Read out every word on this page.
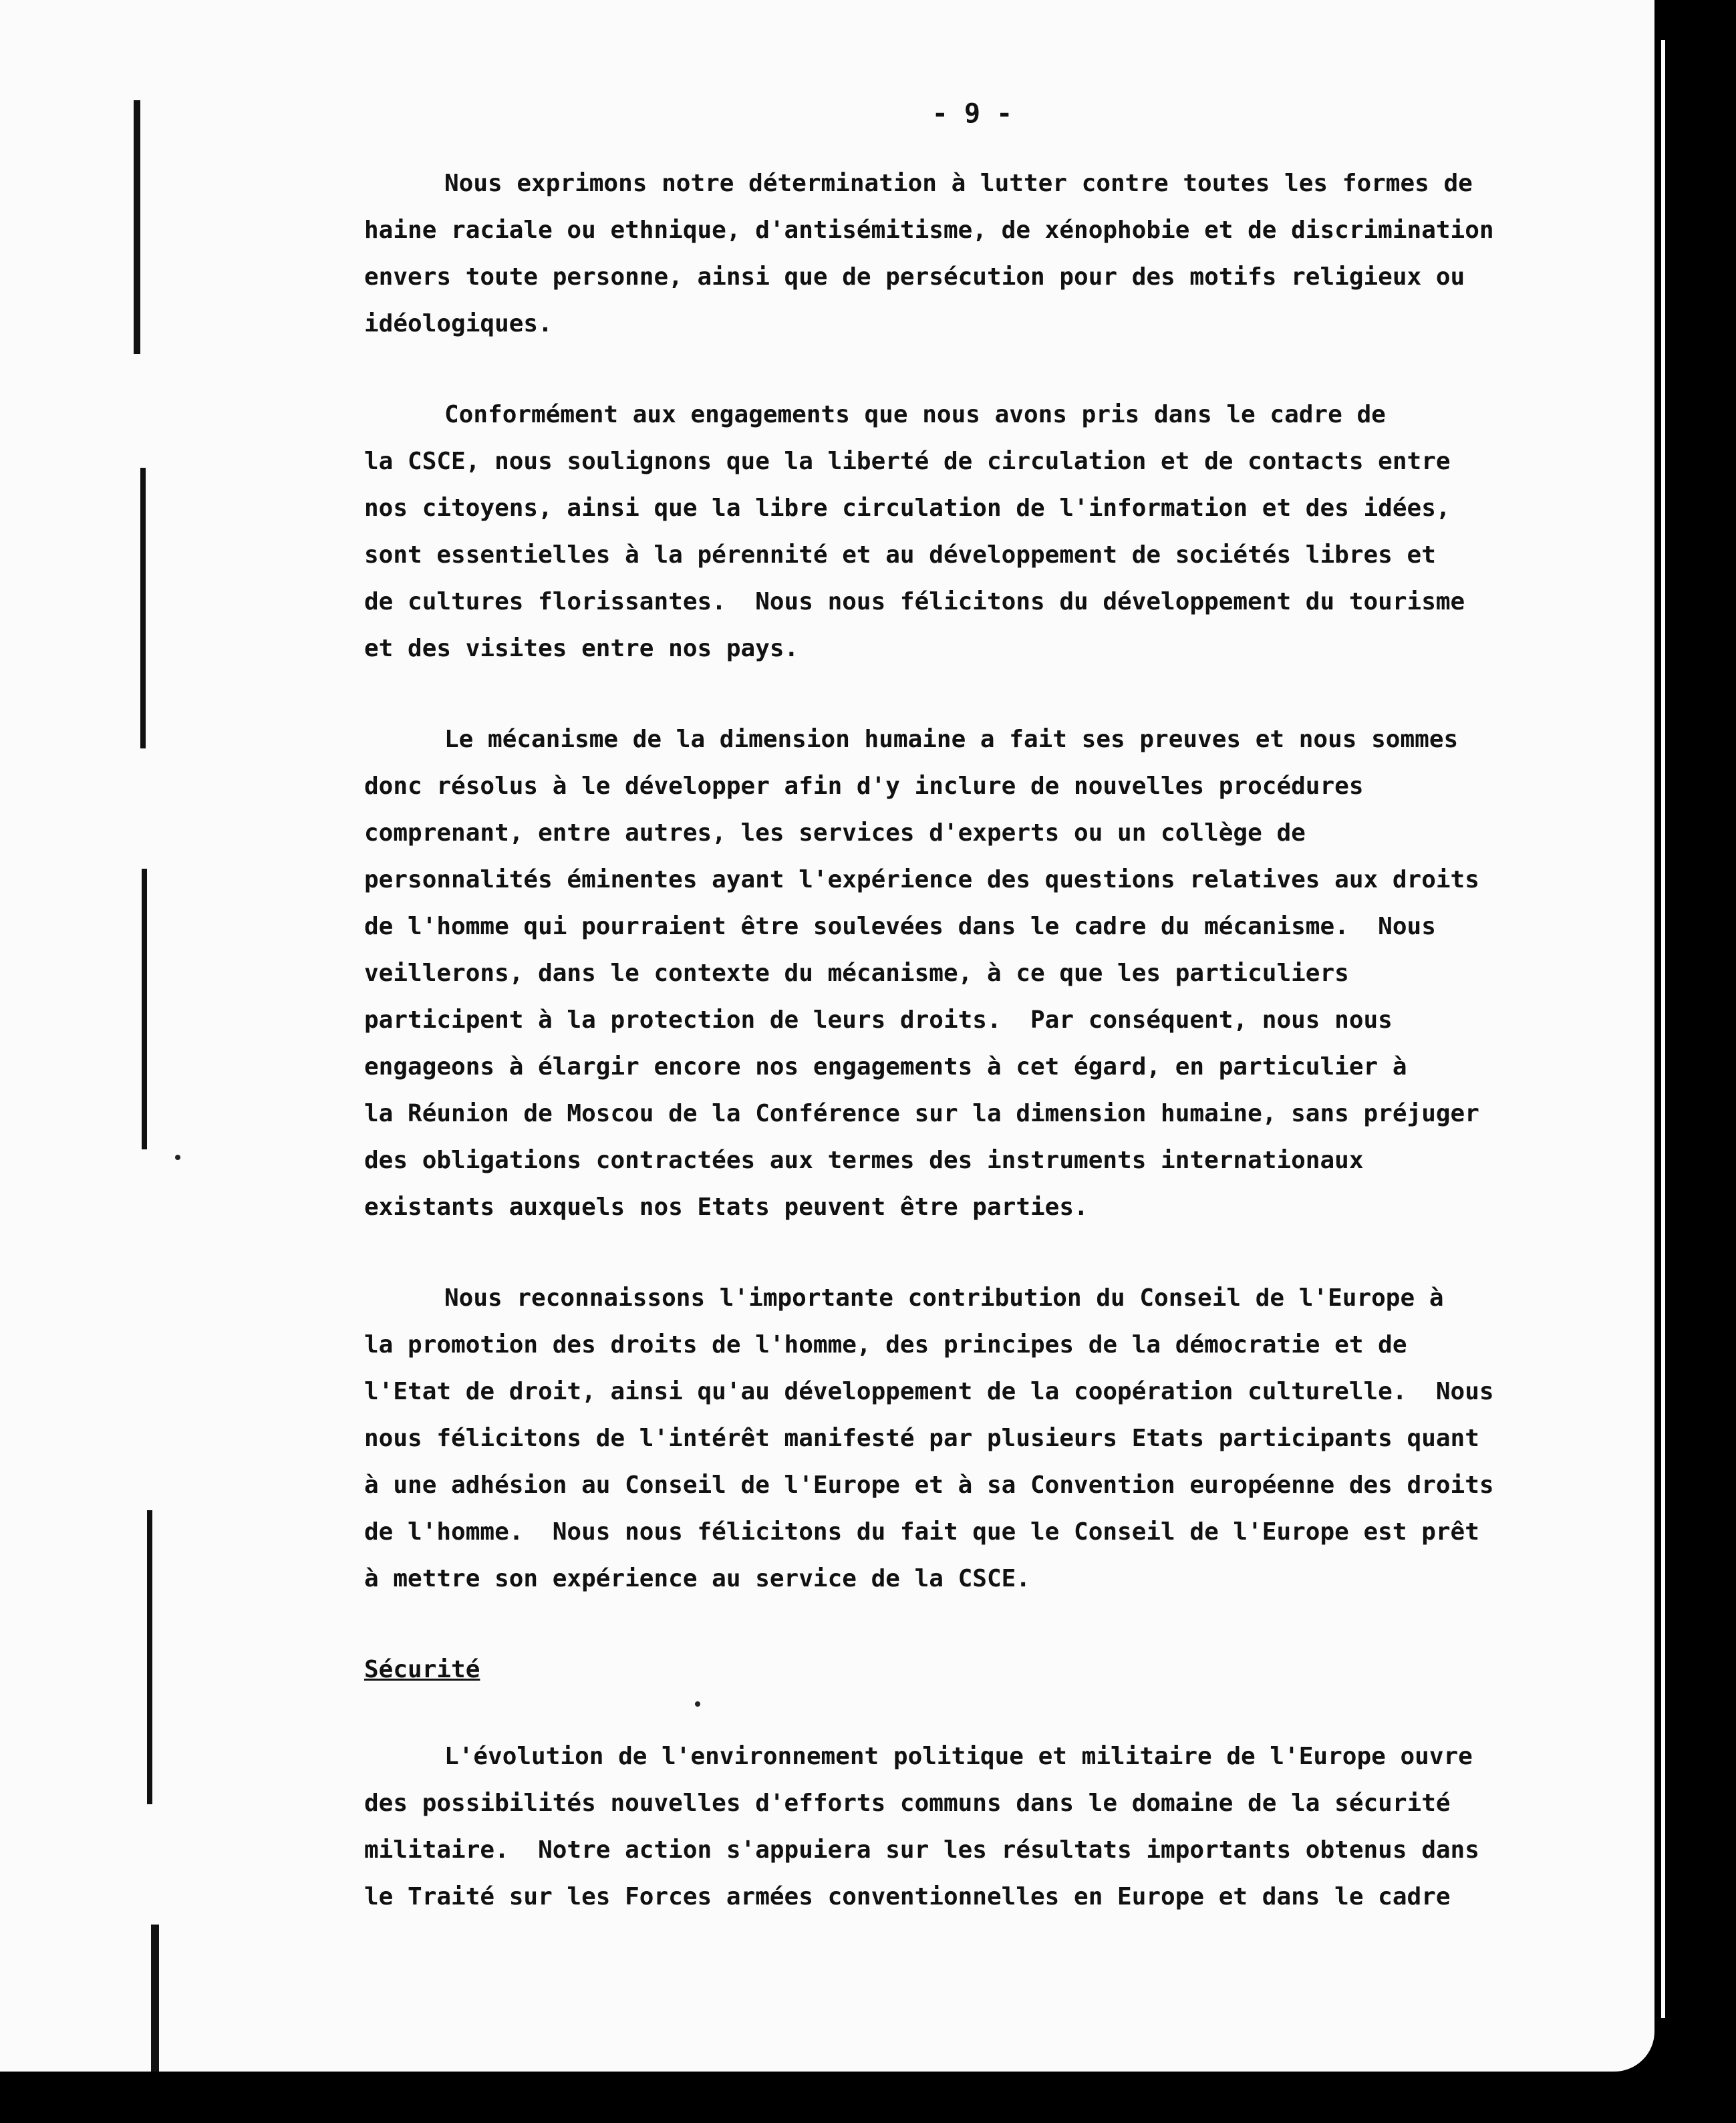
- 9 -
Nous exprimons notre détermination à lutter contre toutes les formes de
haine raciale ou ethnique, d'antisémitisme, de xénophobie et de discrimination
envers toute personne, ainsi que de persécution pour des motifs religieux ou
idéologiques.
Conformément aux engagements que nous avons pris dans le cadre de
la CSCE, nous soulignons que la liberté de circulation et de contacts entre
nos citoyens, ainsi que la libre circulation de l'information et des idées,
sont essentielles à la pérennité et au développement de sociétés libres et
de cultures florissantes.  Nous nous félicitons du développement du tourisme
et des visites entre nos pays.
Le mécanisme de la dimension humaine a fait ses preuves et nous sommes
donc résolus à le développer afin d'y inclure de nouvelles procédures
comprenant, entre autres, les services d'experts ou un collège de
personnalités éminentes ayant l'expérience des questions relatives aux droits
de l'homme qui pourraient être soulevées dans le cadre du mécanisme.  Nous
veillerons, dans le contexte du mécanisme, à ce que les particuliers
participent à la protection de leurs droits.  Par conséquent, nous nous
engageons à élargir encore nos engagements à cet égard, en particulier à
la Réunion de Moscou de la Conférence sur la dimension humaine, sans préjuger
des obligations contractées aux termes des instruments internationaux
existants auxquels nos Etats peuvent être parties.
Nous reconnaissons l'importante contribution du Conseil de l'Europe à
la promotion des droits de l'homme, des principes de la démocratie et de
l'Etat de droit, ainsi qu'au développement de la coopération culturelle.  Nous
nous félicitons de l'intérêt manifesté par plusieurs Etats participants quant
à une adhésion au Conseil de l'Europe et à sa Convention européenne des droits
de l'homme.  Nous nous félicitons du fait que le Conseil de l'Europe est prêt
à mettre son expérience au service de la CSCE.
Sécurité
L'évolution de l'environnement politique et militaire de l'Europe ouvre
des possibilités nouvelles d'efforts communs dans le domaine de la sécurité
militaire.  Notre action s'appuiera sur les résultats importants obtenus dans
le Traité sur les Forces armées conventionnelles en Europe et dans le cadre
